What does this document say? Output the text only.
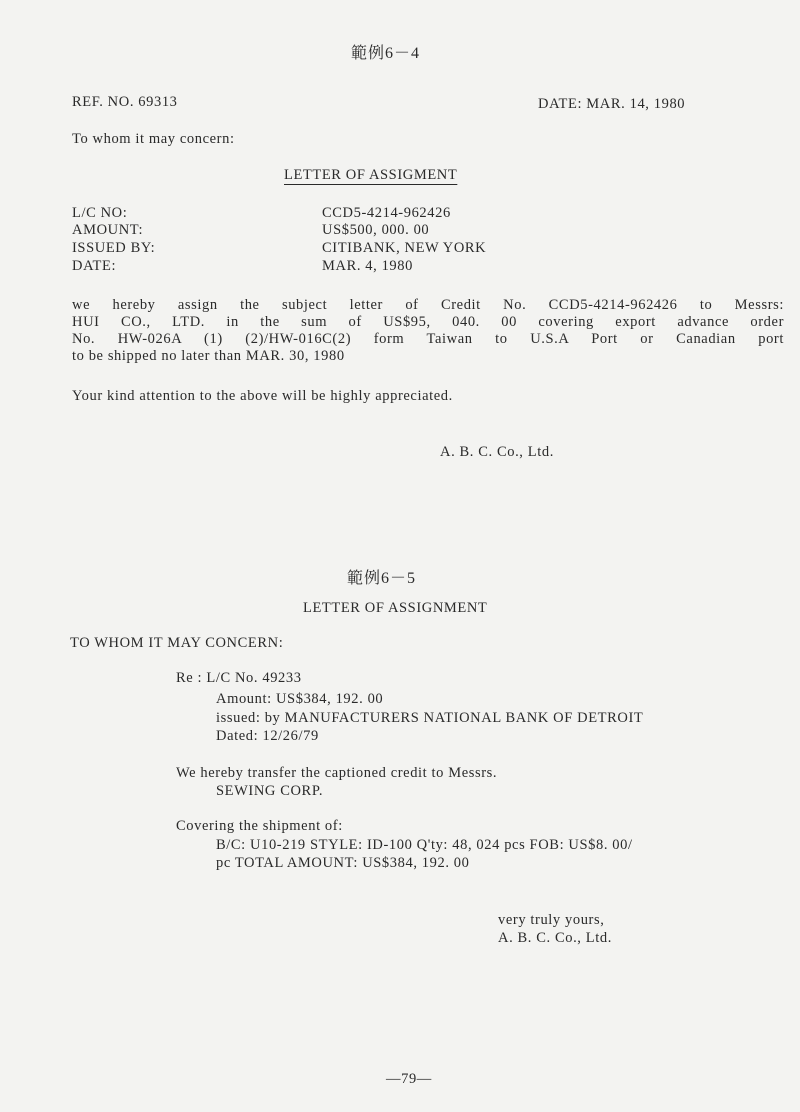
範例6－4
REF. NO. 69313	DATE: MAR. 14, 1980
To whom it may concern:
LETTER OF ASSIGMENT
L/C NO:	CCD5-4214-962426
AMOUNT:	US$500, 000. 00
ISSUED BY:	CITIBANK, NEW YORK
DATE:	MAR. 4, 1980
we hereby assign the subject letter of Credit No. CCD5-4214-962426 to Messrs:
HUI CO., LTD. in the sum of US$95, 040. 00 covering export advance order
No. HW-026A (1) (2)/HW-016C(2) form Taiwan to U.S.A Port or Canadian port
to be shipped no later than MAR. 30, 1980
Your kind attention to the above will be highly appreciated.
A. B. C. Co., Ltd.
範例6－5
LETTER OF ASSIGNMENT
TO WHOM IT MAY CONCERN:
Re : L/C No. 49233
Amount: US$384, 192. 00
issued: by MANUFACTURERS NATIONAL BANK OF DETROIT
Dated: 12/26/79
We hereby transfer the captioned credit to Messrs.
SEWING CORP.
Covering the shipment of:
B/C: U10-219 STYLE: ID-100 Q'ty: 48, 024 pcs FOB: US$8. 00/
pc TOTAL AMOUNT: US$384, 192. 00
very truly yours,
A. B. C. Co., Ltd.
—79—
